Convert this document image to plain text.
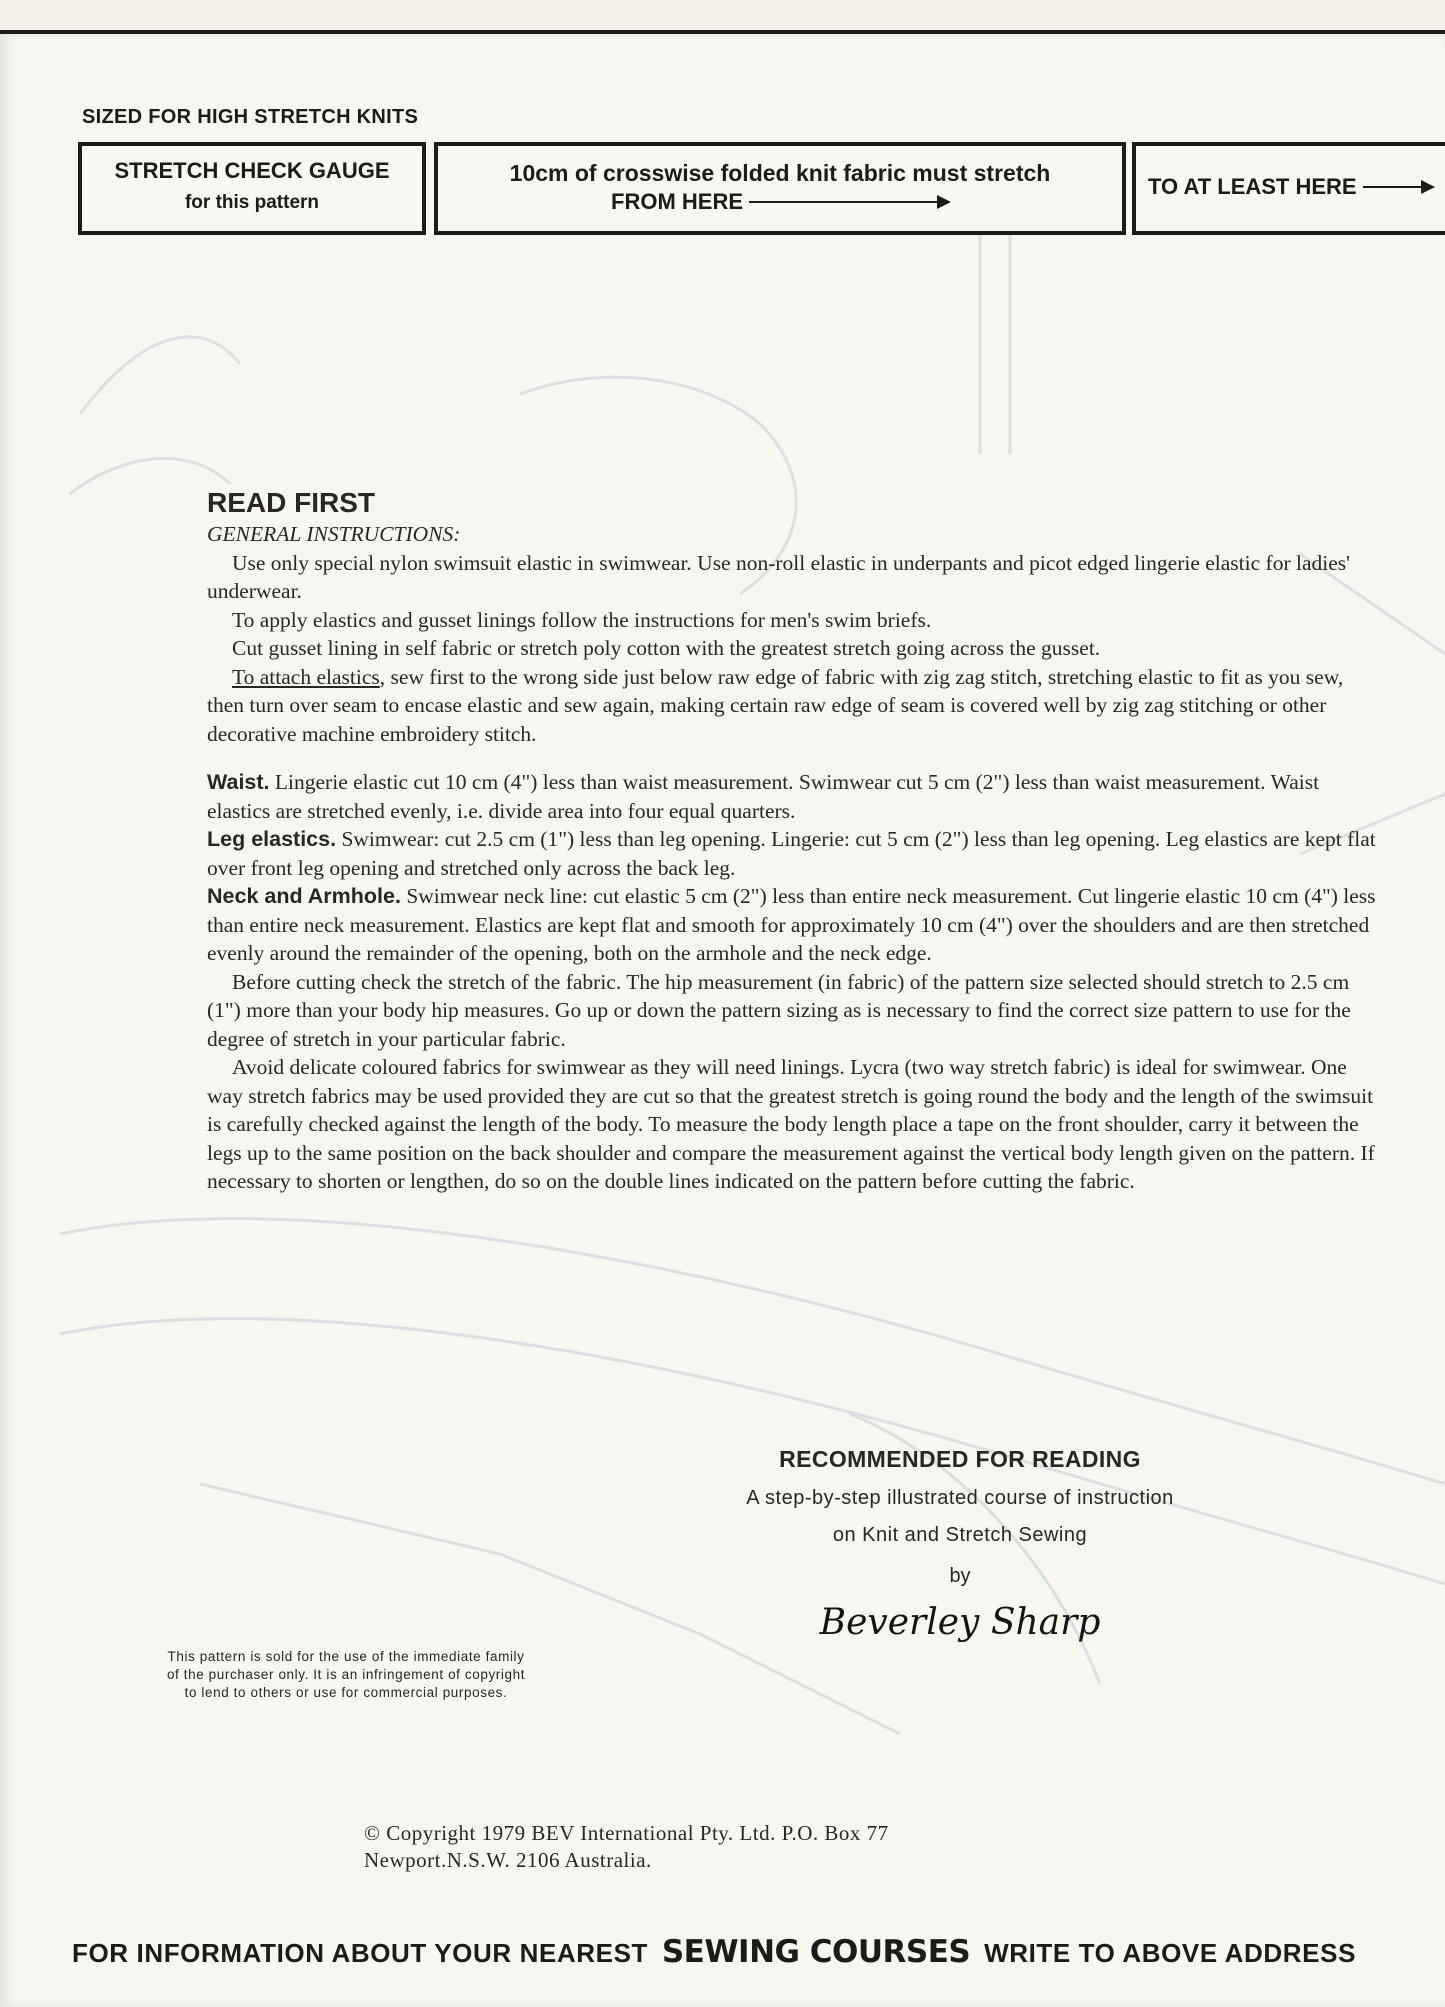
SIZED FOR HIGH STRETCH KNITS
STRETCH CHECK GAUGE
for this pattern
10cm of crosswise folded knit fabric must stretch
FROM HERE
TO AT LEAST HERE
READ FIRST
GENERAL INSTRUCTIONS:

Use only special nylon swimsuit elastic in swimwear. Use non-roll elastic in underpants and picot edged lingerie elastic for ladies' underwear.

To apply elastics and gusset linings follow the instructions for men's swim briefs.

Cut gusset lining in self fabric or stretch poly cotton with the greatest stretch going across the gusset.

To attach elastics, sew first to the wrong side just below raw edge of fabric with zig zag stitch, stretching elastic to fit as you sew, then turn over seam to encase elastic and sew again, making certain raw edge of seam is covered well by zig zag stitching or other decorative machine embroidery stitch.

Waist. Lingerie elastic cut 10 cm (4") less than waist measurement. Swimwear cut 5 cm (2") less than waist measurement. Waist elastics are stretched evenly, i.e. divide area into four equal quarters.

Leg elastics. Swimwear: cut 2.5 cm (1") less than leg opening. Lingerie: cut 5 cm (2") less than leg opening. Leg elastics are kept flat over front leg opening and stretched only across the back leg.

Neck and Armhole. Swimwear neck line: cut elastic 5 cm (2") less than entire neck measurement. Cut lingerie elastic 10 cm (4") less than entire neck measurement. Elastics are kept flat and smooth for approximately 10 cm (4") over the shoulders and are then stretched evenly around the remainder of the opening, both on the armhole and the neck edge.

Before cutting check the stretch of the fabric. The hip measurement (in fabric) of the pattern size selected should stretch to 2.5 cm (1") more than your body hip measures. Go up or down the pattern sizing as is necessary to find the correct size pattern to use for the degree of stretch in your particular fabric.

Avoid delicate coloured fabrics for swimwear as they will need linings. Lycra (two way stretch fabric) is ideal for swimwear. One way stretch fabrics may be used provided they are cut so that the greatest stretch is going round the body and the length of the swimsuit is carefully checked against the length of the body. To measure the body length place a tape on the front shoulder, carry it between the legs up to the same position on the back shoulder and compare the measurement against the vertical body length given on the pattern. If necessary to shorten or lengthen, do so on the double lines indicated on the pattern before cutting the fabric.

RECOMMENDED FOR READING
A step-by-step illustrated course of instruction
on Knit and Stretch Sewing
by
Beverley Sharp
This pattern is sold for the use of the immediate family
of the purchaser only. It is an infringement of copyright
to lend to others or use for commercial purposes.
© Copyright 1979 BEV International Pty. Ltd. P.O. Box 77
Newport.N.S.W. 2106 Australia.
FOR INFORMATION ABOUT YOUR NEAREST SEWING COURSES WRITE TO ABOVE ADDRESS
